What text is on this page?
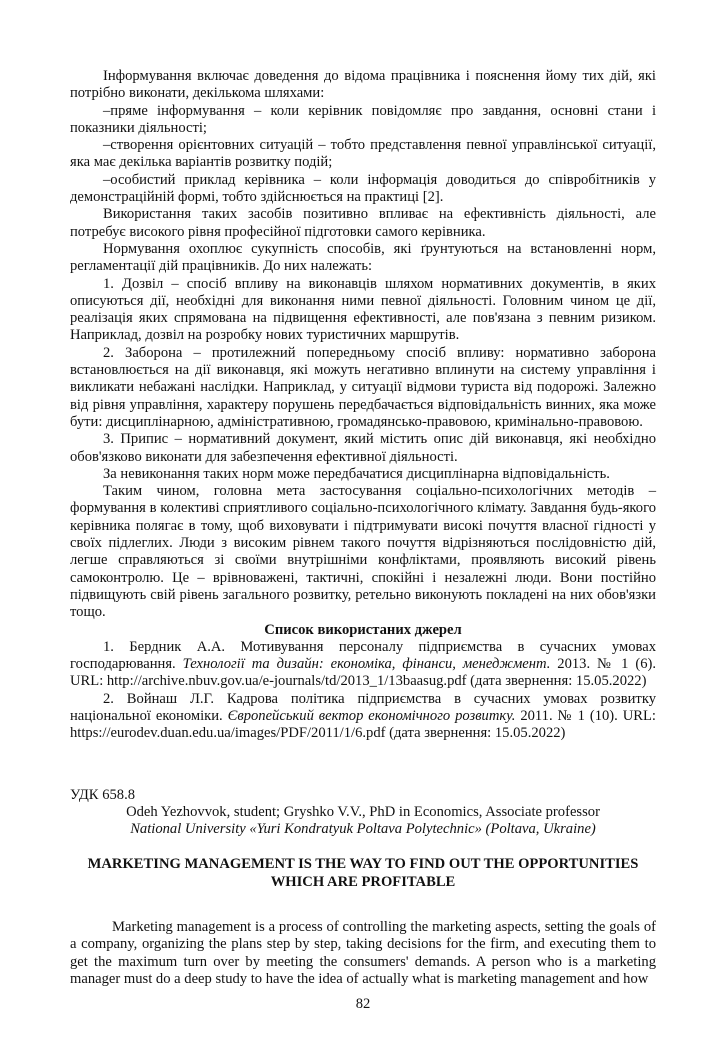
Інформування включає доведення до відома працівника і пояснення йому тих дій, які потрібно виконати, декількома шляхами:

–пряме інформування – коли керівник повідомляє про завдання, основні стани і показники діяльності;

–створення орієнтовних ситуацій – тобто представлення певної управлінської ситуації, яка має декілька варіантів розвитку подій;

–особистий приклад керівника – коли інформація доводиться до співробітників у демонстраційній формі, тобто здійснюється на практиці [2].

Використання таких засобів позитивно впливає на ефективність діяльності, але потребує високого рівня професійної підготовки самого керівника.

Нормування охоплює сукупність способів, які ґрунтуються на встановленні норм, регламентації дій працівників. До них належать:

1. Дозвіл – спосіб впливу на виконавців шляхом нормативних документів, в яких описуються дії, необхідні для виконання ними певної діяльності. Головним чином це дії, реалізація яких спрямована на підвищення ефективності, але пов'язана з певним ризиком. Наприклад, дозвіл на розробку нових туристичних маршрутів.

2. Заборона – протилежний попередньому спосіб впливу: нормативно заборона встановлюється на дії виконавця, які можуть негативно вплинути на систему управління і викликати небажані наслідки. Наприклад, у ситуації відмови туриста від подорожі. Залежно від рівня управління, характеру порушень передбачається відповідальність винних, яка може бути: дисциплінарною, адміністративною, громадянсько-правовою, кримінально-правовою.

3. Припис – нормативний документ, який містить опис дій виконавця, які необхідно обов'язково виконати для забезпечення ефективної діяльності.

За невиконання таких норм може передбачатися дисциплінарна відповідальність.

Таким чином, головна мета застосування соціально-психологічних методів – формування в колективі сприятливого соціально-психологічного клімату. Завдання будь-якого керівника полягає в тому, щоб виховувати і підтримувати високі почуття власної гідності у своїх підлеглих. Люди з високим рівнем такого почуття відрізняються послідовністю дій, легше справляються зі своїми внутрішніми конфліктами, проявляють високий рівень самоконтролю. Це – врівноважені, тактичні, спокійні і незалежні люди. Вони постійно підвищують свій рівень загального розвитку, ретельно виконують покладені на них обов'язки тощо.

Список використаних джерел

1. Бердник А.А. Мотивування персоналу підприємства в сучасних умовах господарювання. Технології та дизайн: економіка, фінанси, менеджмент. 2013. № 1 (6). URL: http://archive.nbuv.gov.ua/e-journals/td/2013_1/13baasug.pdf (дата звернення: 15.05.2022)

2. Войнаш Л.Г. Кадрова політика підприємства в сучасних умовах розвитку національної економіки. Європейський вектор економічного розвитку. 2011. № 1 (10). URL: https://eurodev.duan.edu.ua/images/PDF/2011/1/6.pdf (дата звернення: 15.05.2022)

УДК 658.8

Odeh Yezhovvok, student; Gryshko V.V., PhD in Economics, Associate professor

National University «Yuri Kondratyuk Poltava Polytechnic» (Poltava, Ukraine)

MARKETING MANAGEMENT IS THE WAY TO FIND OUT THE OPPORTUNITIES
WHICH ARE PROFITABLE

Marketing management is a process of controlling the marketing aspects, setting the goals of a company, organizing the plans step by step, taking decisions for the firm, and executing them to get the maximum turn over by meeting the consumers' demands. A person who is a marketing manager must do a deep study to have the idea of actually what is marketing management and how

82
